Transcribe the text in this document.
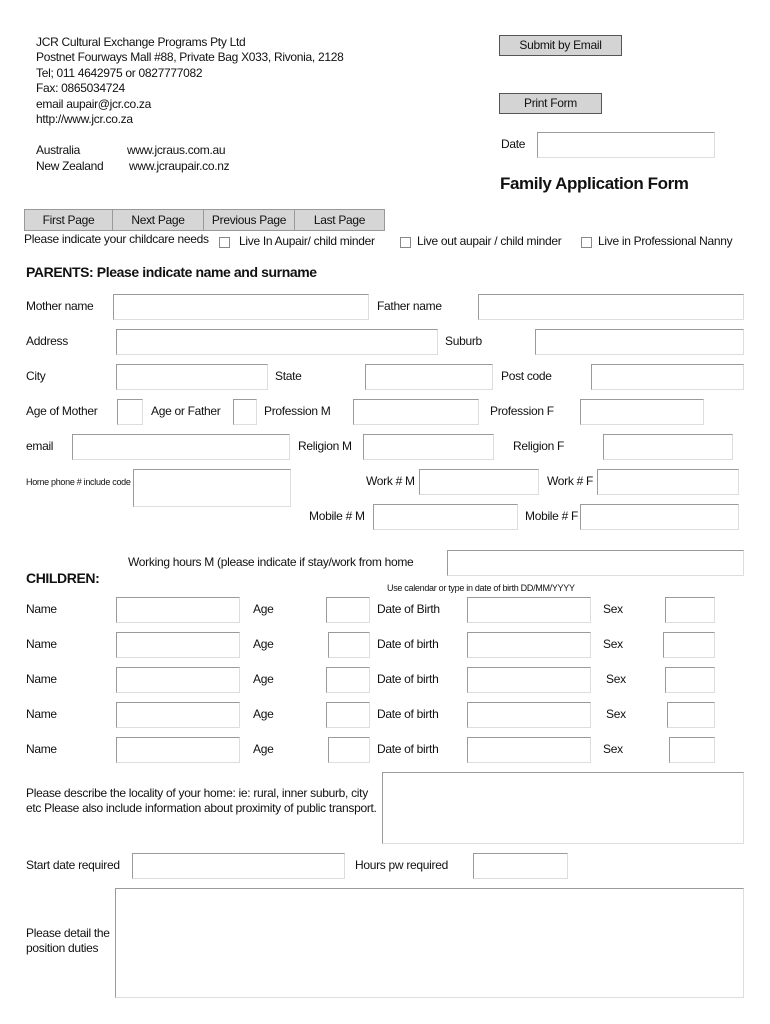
JCR Cultural Exchange Programs Pty Ltd
Postnet Fourways Mall #88, Private Bag X033, Rivonia, 2128
Tel; 011 4642975 or 0827777082
Fax: 0865034724
email aupair@jcr.co.za
http://www.jcr.co.za
Australia	www.jcraus.com.au
New Zealand www.jcraupair.co.nz
Submit by Email
Print Form
Date
Family Application Form
First Page	Next Page	Previous Page	Last Page
Please indicate your childcare needs	Live In Aupair/ child minder	Live out aupair / child minder	Live in Professional Nanny
PARENTS: Please indicate name and surname
Mother name	Father name
Address	Suburb
City	State	Post code
Age of Mother	Age or Father	Profession M	Profession F
email	Religion M	Religion F
Home phone # include code	Work # M	Work # F
Mobile # M	Mobile # F
Working hours M (please indicate if stay/work from home
CHILDREN:
Use calendar or type in date of birth DD/MM/YYYY
Name	Age	Date of Birth	Sex
Name	Age	Date of birth	Sex
Name	Age	Date of birth	Sex
Name	Age	Date of birth	Sex
Name	Age	Date of birth	Sex
Please describe the locality of your home: ie: rural, inner suburb, city etc Please also include information about proximity of public transport.
Start date required	Hours pw required
Please detail the position duties
